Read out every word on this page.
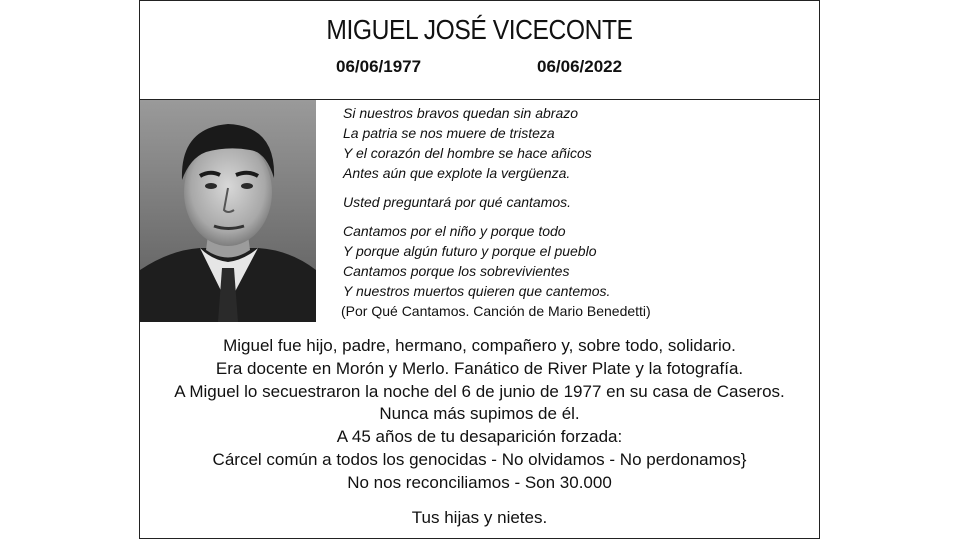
MIGUEL JOSÉ VICECONTE
06/06/1977	06/06/2022
Si nuestros bravos quedan sin abrazo
La patria se nos muere de tristeza
Y el corazón del hombre se hace añicos
Antes aún que explote la vergüenza.
Usted preguntará por qué cantamos.
Cantamos por el niño y porque todo
Y porque algún futuro y porque el pueblo
Cantamos porque los sobrevivientes
Y nuestros muertos quieren que cantemos.
(Por Qué Cantamos. Canción de Mario Benedetti)
Miguel fue hijo, padre, hermano, compañero y, sobre todo, solidario.
Era docente en Morón y Merlo. Fanático de River Plate y la fotografía.
A Miguel lo secuestraron la noche del 6 de junio de 1977 en su casa de Caseros.
Nunca más supimos de él.
A 45 años de tu desaparición forzada:
Cárcel común a todos los genocidas - No olvidamos - No perdonamos}
No nos reconciliamos - Son 30.000
Tus hijas y nietes.
